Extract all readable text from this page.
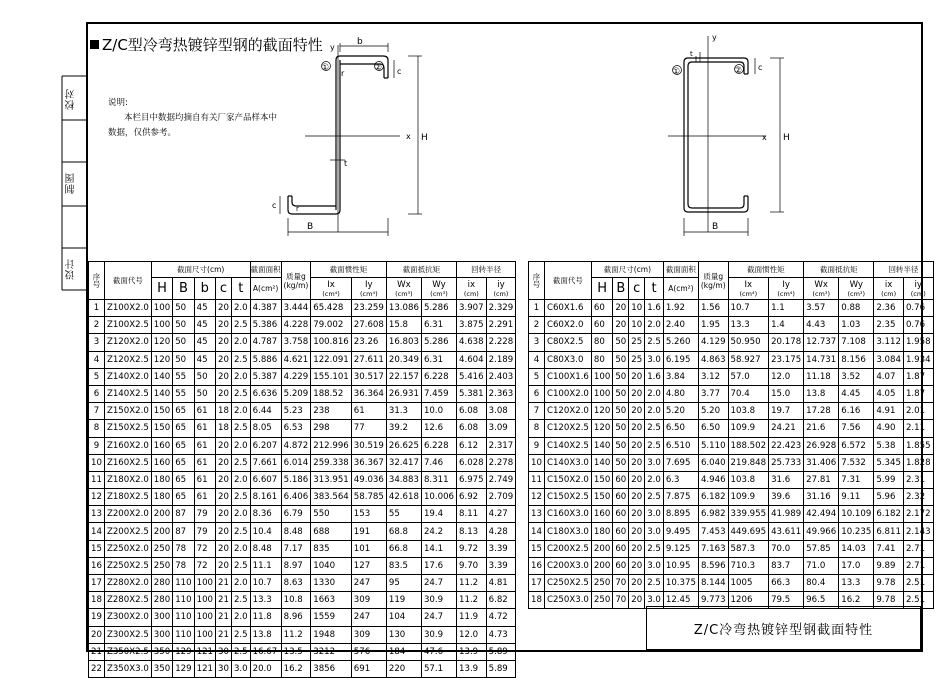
校对
制图
设计
Z/C型冷弯热镀锌型钢的截面特性
说明:
本栏目中数据均摘自有关厂家产品样本中
数据，仅供参考。
①	②
b
y
r	c
x H
t
c	r
B
①	②
y
t
c
x H
B
序号	截面代号	截面尺寸(cm)					截面面积	质量g
(kg/m)	截面惯性矩		截面抵抗矩		回转半径	
		H	B	b	c	t	A(cm²)		Ix
(cm⁴)	Iy
(cm⁴)	Wx
(cm³)	Wy
(cm³)	ix
(cm)	iy
(cm)

1	Z100X2.0	100	50	45	20	2.0	4.387	3.444	65.428	23.259	13.086	5.286	3.907	2.329
2	Z100X2.5	100	50	45	20	2.5	5.386	4.228	79.002	27.608	15.8	6.31	3.875	2.291
3	Z120X2.0	120	50	45	20	2.0	4.787	3.758	100.816	23.26	16.803	5.286	4.638	2.228
4	Z120X2.5	120	50	45	20	2.5	5.886	4.621	122.091	27.611	20.349	6.31	4.604	2.189
5	Z140X2.0	140	55	50	20	2.0	5.387	4.229	155.101	30.517	22.157	6.228	5.416	2.403
6	Z140X2.5	140	55	50	20	2.5	6.636	5.209	188.52	36.364	26.931	7.459	5.381	2.363
7	Z150X2.0	150	65	61	18	2.0	6.44	5.23	238	61	31.3	10.0	6.08	3.08
8	Z150X2.5	150	65	61	18	2.5	8.05	6.53	298	77	39.2	12.6	6.08	3.09
9	Z160X2.0	160	65	61	20	2.0	6.207	4.872	212.996	30.519	26.625	6.228	6.12	2.317
10	Z160X2.5	160	65	61	20	2.5	7.661	6.014	259.338	36.367	32.417	7.46	6.028	2.278
11	Z180X2.0	180	65	61	20	2.0	6.607	5.186	313.951	49.036	34.883	8.311	6.975	2.749
12	Z180X2.5	180	65	61	20	2.5	8.161	6.406	383.564	58.785	42.618	10.006	6.92	2.709
13	Z200X2.0	200	87	79	20	2.0	8.36	6.79	550	153	55	19.4	8.11	4.27
14	Z200X2.5	200	87	79	20	2.5	10.4	8.48	688	191	68.8	24.2	8.13	4.28
15	Z250X2.0	250	78	72	20	2.0	8.48	7.17	835	101	66.8	14.1	9.72	3.39
16	Z250X2.5	250	78	72	20	2.5	11.1	8.97	1040	127	83.5	17.6	9.70	3.39
17	Z280X2.0	280	110	100	21	2.0	10.7	8.63	1330	247	95	24.7	11.2	4.81
18	Z280X2.5	280	110	100	21	2.5	13.3	10.8	1663	309	119	30.9	11.2	6.82
19	Z300X2.0	300	110	100	21	2.0	11.8	8.96	1559	247	104	24.7	11.9	4.72
20	Z300X2.5	300	110	100	21	2.5	13.8	11.2	1948	309	130	30.9	12.0	4.73
21	Z350X2.5	350	129	121	30	2.5	16.67	13.5	3212	576	184	47.6	13.9	5.89
22	Z350X3.0	350	129	121	30	3.0	20.0	16.2	3856	691	220	57.1	13.9	5.89
序号	截面代号	截面尺寸(cm)				截面面积	质量g
(kg/m)	截面惯性矩		截面抵抗矩		回转半径	
		H	B	c	t	A(cm²)		Ix
(cm⁴)	Iy
(cm⁴)	Wx
(cm³)	Wy
(cm³)	ix
(cm)	iy
(cm)

1	C60X1.6	60	20	10	1.6	1.92	1.56	10.7	1.1	3.57	0.88	2.36	0.76
2	C60X2.0	60	20	10	2.0	2.40	1.95	13.3	1.4	4.43	1.03	2.35	0.76
3	C80X2.5	80	50	25	2.5	5.260	4.129	50.950	20.178	12.737	7.108	3.112	1.958
4	C80X3.0	80	50	25	3.0	6.195	4.863	58.927	23.175	14.731	8.156	3.084	1.934
5	C100X1.6	100	50	20	1.6	3.84	3.12	57.0	12.0	11.18	3.52	4.07	1.87
6	C100X2.0	100	50	20	2.0	4.80	3.77	70.4	15.0	13.8	4.45	4.05	1.87
7	C120X2.0	120	50	20	2.0	5.20	5.20	103.8	19.7	17.28	6.16	4.91	2.01
8	C120X2.5	120	50	20	2.5	6.50	6.50	109.9	24.21	21.6	7.56	4.90	2.11
9	C140X2.5	140	50	20	2.5	6.510	5.110	188.502	22.423	26.928	6.572	5.38	1.855
10	C140X3.0	140	50	20	3.0	7.695	6.040	219.848	25.733	31.406	7.532	5.345	1.828
11	C150X2.0	150	60	20	2.0	6.3	4.946	103.8	31.6	27.81	7.31	5.99	2.31
12	C150X2.5	150	60	20	2.5	7.875	6.182	109.9	39.6	31.16	9.11	5.96	2.32
13	C160X3.0	160	60	20	3.0	8.895	6.982	339.955	41.989	42.494	10.109	6.182	2.172
14	C180X3.0	180	60	20	3.0	9.495	7.453	449.695	43.611	49.966	10.235	6.811	2.143
15	C200X2.5	200	60	20	2.5	9.125	7.163	587.3	70.0	57.85	14.03	7.41	2.71
16	C200X3.0	200	60	20	3.0	10.95	8.596	710.3	83.7	71.0	17.0	9.89	2.71
17	C250X2.5	250	70	20	2.5	10.375	8.144	1005	66.3	80.4	13.3	9.78	2.51
18	C250X3.0	250	70	20	3.0	12.45	9.773	1206	79.5	96.5	16.2	9.78	2.51
Z/C冷弯热镀锌型钢截面特性
